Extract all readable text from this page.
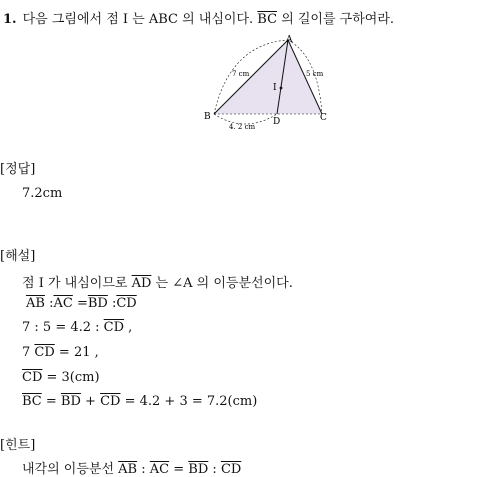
1. 다음 그림에서 점 I 는 ABC 의 내심이다. $\overline{BC}$ 의 길이를 구하여라.
A
B	C
D
I
7 cm	5 cm
4. 2 cm
[정답]
7.2cm
[해설]
점 I 가 내심이므로 $\overline{AD}$ 는 ∠A 의 이등분선이다.
$\overline{AB}$ $:\overline{AC} =\overline{BD}$ $:\overline{CD}$
7 : 5 = 4.2 : $\overline{CD}$ ,
7 $\overline{CD} = 21$ ,
$\overline{CD} = 3(cm)$
$\overline{BC} = \overline{BD} + \overline{CD} = 4.2 + 3 = 7.2(cm)$
[힌트]
내각의 이등분선 $\overline{AB}$ : $\overline{AC} = \overline{BD}$ : $\overline{CD}$
